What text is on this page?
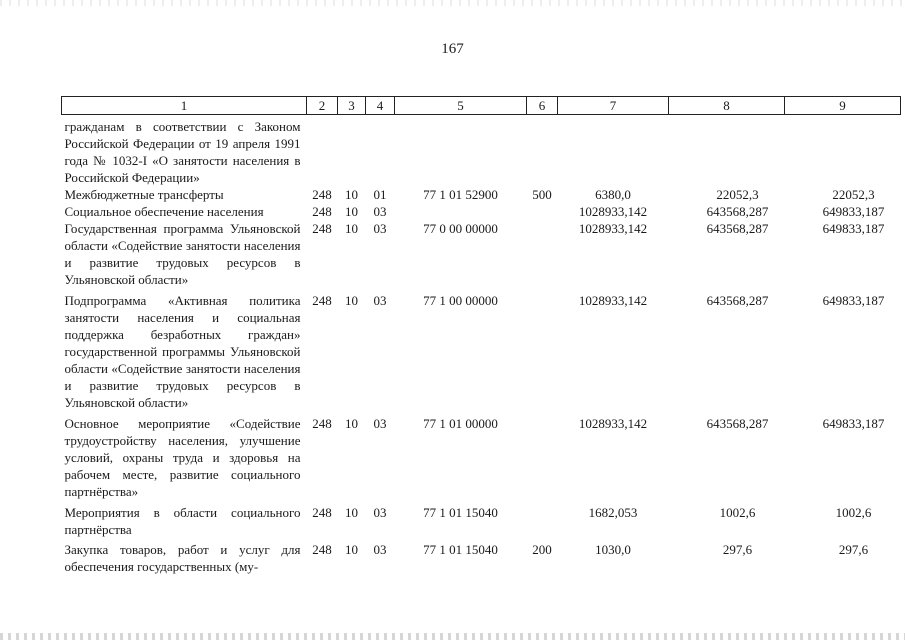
167
1	2	3	4	5	6	7	8	9
гражданам в соответствии с Законом Российской Федерации от 19 апреля 1991 года № 1032-I «О занятости населения в Российской Федерации»								
Межбюджетные трансферты	248	10	01	77 1 01 52900	500	6380,0	22052,3	22052,3
Социальное обеспечение населения	248	10	03			1028933,142	643568,287	649833,187
Государственная программа Ульяновской области «Содействие занятости населения и развитие трудовых ресурсов в Ульяновской области»	248	10	03	77 0 00 00000		1028933,142	643568,287	649833,187
Подпрограмма «Активная политика занятости населения и социальная поддержка безработных граждан» государственной программы Ульяновской области «Содействие занятости населения и развитие трудовых ресурсов в Ульяновской области»	248	10	03	77 1 00 00000		1028933,142	643568,287	649833,187
Основное мероприятие «Содействие трудоустройству населения, улучшение условий, охраны труда и здоровья на рабочем месте, развитие социального партнёрства»	248	10	03	77 1 01 00000		1028933,142	643568,287	649833,187
Мероприятия в области социального партнёрства	248	10	03	77 1 01 15040		1682,053	1002,6	1002,6
Закупка товаров, работ и услуг для обеспечения государственных (му-	248	10	03	77 1 01 15040	200	1030,0	297,6	297,6
